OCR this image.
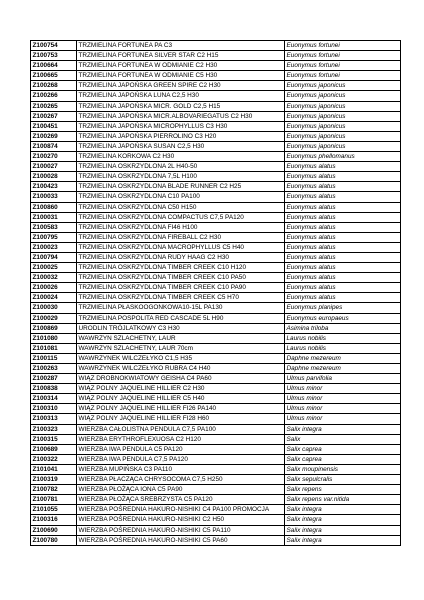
Z100754	TRZMIELINA FORTUNEA PA C3	Euonymus fortunei
Z100753	TRZMIELINA FORTUNEA SILVER STAR C2 H15	Euonymus fortunei
Z100664	TRZMIELINA FORTUNEA W ODMIANIE C2 H30	Euonymus fortunei
Z100665	TRZMIELINA FORTUNEA W ODMIANIE C5 H30	Euonymus fortunei
Z100268	TRZMIELINA JAPOŃSKA GREEN SPIRE C2 H30	Euonymus japonicus
Z100266	TRZMIELINA JAPOŃSKA LUNA C2,5 H30	Euonymus japonicus
Z100265	TRZMIELINA JAPOŃSKA MICR. GOLD C2,5 H15	Euonymus japonicus
Z100267	TRZMIELINA JAPOŃSKA MICR.ALBOVARIEGATUS C2 H30	Euonymus japonicus
Z100451	TRZMIELINA JAPOŃSKA MICROPHYLLUS C3 H30	Euonymus japonicus
Z100269	TRZMIELINA JAPOŃSKA PIERROLINO C3 H20	Euonymus japonicus
Z100874	TRZMIELINA JAPOŃSKA SUSAN C2,5 H30	Euonymus japonicus
Z100270	TRZMIELINA KORKOWA C2 H30	Euonymus phellomanus
Z100027	TRZMIELINA OSKRZYDLONA 2L H40-50	Euonymus alatus
Z100028	TRZMIELINA OSKRZYDLONA 7,5L H100	Euonymus alatus
Z100423	TRZMIELINA OSKRZYDLONA BLADE RUNNER C2 H25	Euonymus alatus
Z100033	TRZMIELINA OSKRZYDLONA C10 PA100	Euonymus alatus
Z100860	TRZMIELINA OSKRZYDLONA C50 H150	Euonymus alatus
Z100031	TRZMIELINA OSKRZYDLONA COMPACTUS C7,5 PA120	Euonymus alatus
Z100583	TRZMIELINA OSKRZYDLONA FI46 H100	Euonymus alatus
Z100795	TRZMIELINA OSKRZYDLONA FIREBALL C2 H30	Euonymus alatus
Z100023	TRZMIELINA OSKRZYDLONA MACROPHYLLUS C5 H40	Euonymus alatus
Z100794	TRZMIELINA OSKRZYDLONA RUDY HAAG C2 H30	Euonymus alatus
Z100025	TRZMIELINA OSKRZYDLONA TIMBER CREEK C10 H120	Euonymus alatus
Z100032	TRZMIELINA OSKRZYDLONA TIMBER CREEK C10 PA50	Euonymus alatus
Z100026	TRZMIELINA OSKRZYDLONA TIMBER CREEK C10 PA90	Euonymus alatus
Z100024	TRZMIELINA OSKRZYDLONA TIMBER CREEK C5 H70	Euonymus alatus
Z100030	TRZMIELINA PŁASKOOGONKOWA10-15L PA130	Euonymus planipes
Z100029	TRZMIELINA POSPOLITA RED CASCADE 5L H90	Euonymus europaeus
Z100869	URODLIN TRÓJLATKOWY C3 H30	Asimina triloba
Z101080	WAWRZYN SZLACHETNY, LAUR	Laurus nobilis
Z101081	WAWRZYN SZLACHETNY, LAUR 70cm	Laurus nobilis
Z100115	WAWRZYNEK WILCZEŁYKO C1,5 H35	Daphne mezereum
Z100263	WAWRZYNEK WILCZEŁYKO RUBRA C4 H40	Daphne mezereum
Z100287	WIĄZ DROBNOKWIATOWY GEISHA C4 PA60	Ulmus parvifolia
Z100838	WIĄZ POLNY JAQUELINE HILLIER C2 H30	Ulmus minor
Z100314	WIĄZ POLNY JAQUELINE HILLIER C5 H40	Ulmus minor
Z100310	WIĄZ POLNY JAQUELINE HILLIER FI26 PA140	Ulmus minor
Z100313	WIĄZ POLNY JAQUELINE HILLIER FI28 H60	Ulmus minor
Z100323	WIERZBA CAŁOLISTNA PENDULA C7,5 PA100	Salix integra
Z100315	WIERZBA ERYTHROFLEXUOSA C2 H120	Salix
Z100689	WIERZBA IWA PENDULA C5 PA120	Salix caprea
Z100322	WIERZBA IWA PENDULA C7,5 PA120	Salix caprea
Z101041	WIERZBA MUPIŃSKA C3 PA110	Salix moupinensis
Z100319	WIERZBA PŁACZĄCA CHRYSOCOMA C7,5 H250	Salix sepulcralis
Z100782	WIERZBA PŁOŻĄCA IONA C5 PA90	Salix repens
Z100781	WIERZBA PŁOŻĄCA SREBRZYSTA C5 PA120	Salix repens var.nitida
Z101055	WIERZBA POŚREDNIA HAKURO-NISHIKI C4 PA100 PROMOCJA	Salix integra
Z100316	WIERZBA POŚREDNIA HAKURO-NISHIKI C2 H50	Salix integra
Z100690	WIERZBA POŚREDNIA HAKURO-NISHIKI C5 PA110	Salix integra
Z100780	WIERZBA POŚREDNIA HAKURO-NISHIKI C5 PA60	Salix integra
